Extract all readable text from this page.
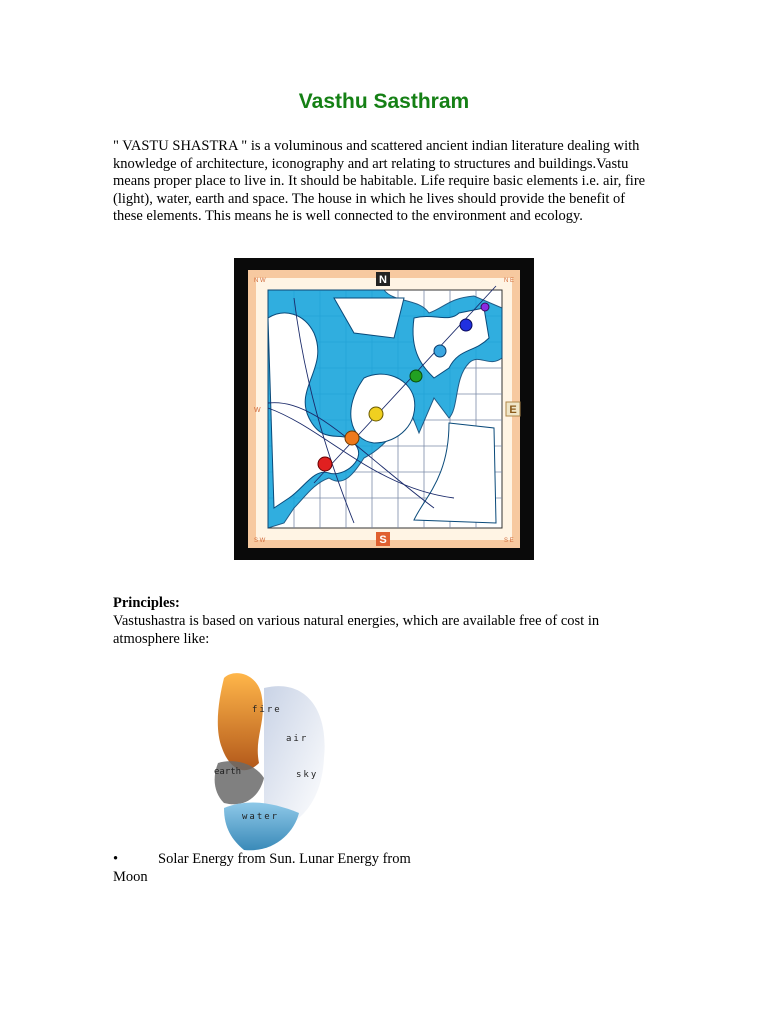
Vasthu Sasthram

" VASTU SHASTRA " is a voluminous and scattered ancient indian literature dealing with knowledge of architecture, iconography and art relating to structures and buildings.Vastu means proper place to live in. It should be habitable. Life require basic elements i.e. air, fire (light), water, earth and space. The house in which he lives should provide the benefit of these elements. This means he is well connected to the environment and ecology.

N
S
E
N W	N E
S W	S E
W
Principles:
Vastushastra is based on various natural energies, which are available free of cost in atmosphere like:
fire
air
earth	sky
water
•	Solar Energy from Sun. Lunar Energy from
Moon
